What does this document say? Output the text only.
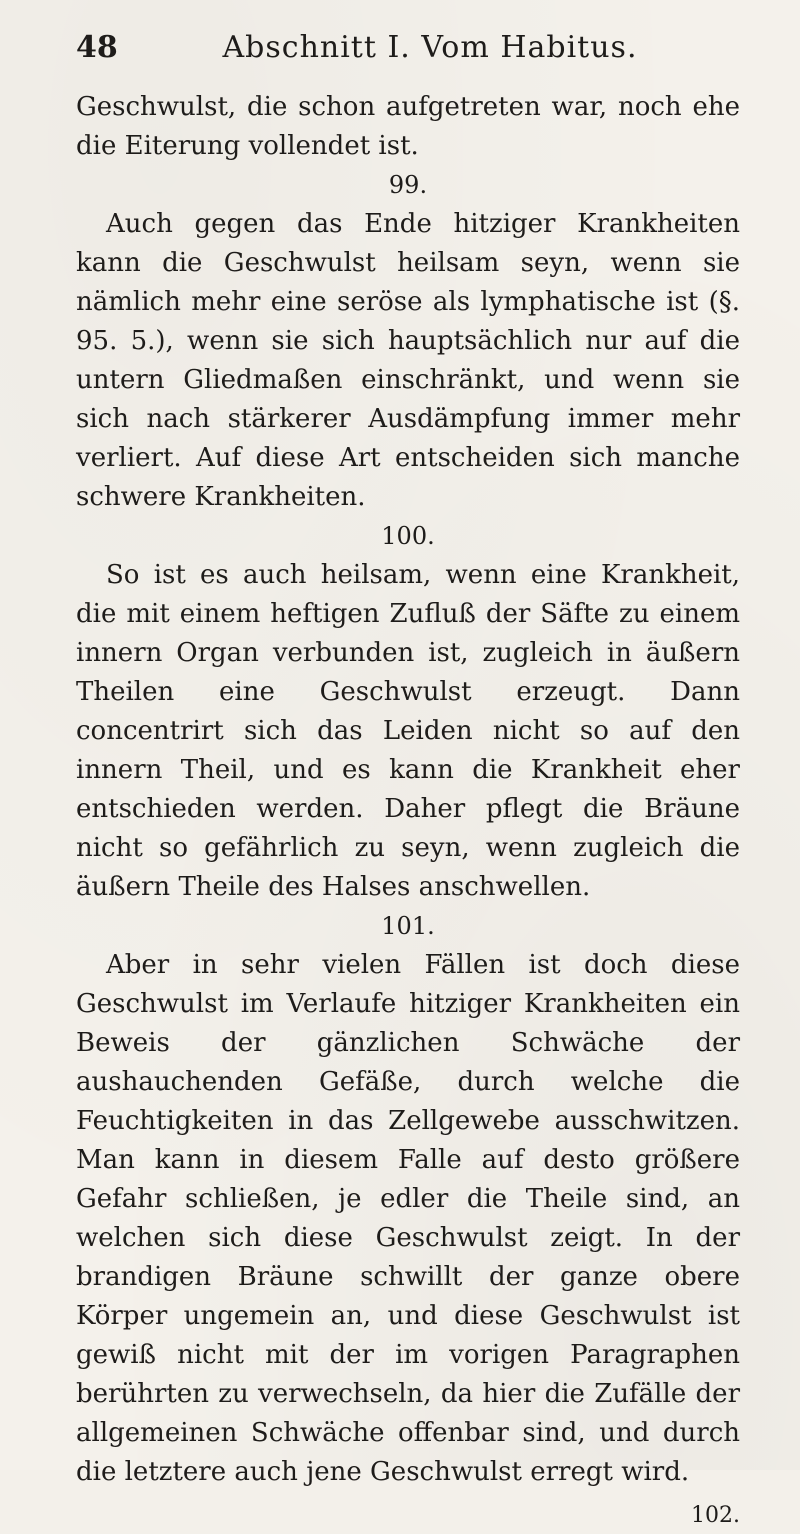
48	Abschnitt I. Vom Habitus.

Geschwulst, die schon aufgetreten war, noch ehe die Eiterung vollendet ist.

99.

Auch gegen das Ende hitziger Krankheiten kann die Geschwulst heilsam seyn, wenn sie nämlich mehr eine seröse als lymphatische ist (§. 95. 5.), wenn sie sich hauptsächlich nur auf die untern Gliedmaßen einschränkt, und wenn sie sich nach stärkerer Ausdämpfung immer mehr verliert. Auf diese Art entscheiden sich manche schwere Krankheiten.

100.

So ist es auch heilsam, wenn eine Krankheit, die mit einem heftigen Zufluß der Säfte zu einem innern Organ verbunden ist, zugleich in äußern Theilen eine Geschwulst erzeugt. Dann concentrirt sich das Leiden nicht so auf den innern Theil, und es kann die Krankheit eher entschieden werden. Daher pflegt die Bräune nicht so gefährlich zu seyn, wenn zugleich die äußern Theile des Halses anschwellen.

101.

Aber in sehr vielen Fällen ist doch diese Geschwulst im Verlaufe hitziger Krankheiten ein Beweis der gänzlichen Schwäche der aushauchenden Gefäße, durch welche die Feuchtigkeiten in das Zellgewebe ausschwitzen. Man kann in diesem Falle auf desto größere Gefahr schließen, je edler die Theile sind, an welchen sich diese Geschwulst zeigt. In der brandigen Bräune schwillt der ganze obere Körper ungemein an, und diese Geschwulst ist gewiß nicht mit der im vorigen Paragraphen berührten zu verwechseln, da hier die Zufälle der allgemeinen Schwäche offenbar sind, und durch die letztere auch jene Geschwulst erregt wird.

102.
